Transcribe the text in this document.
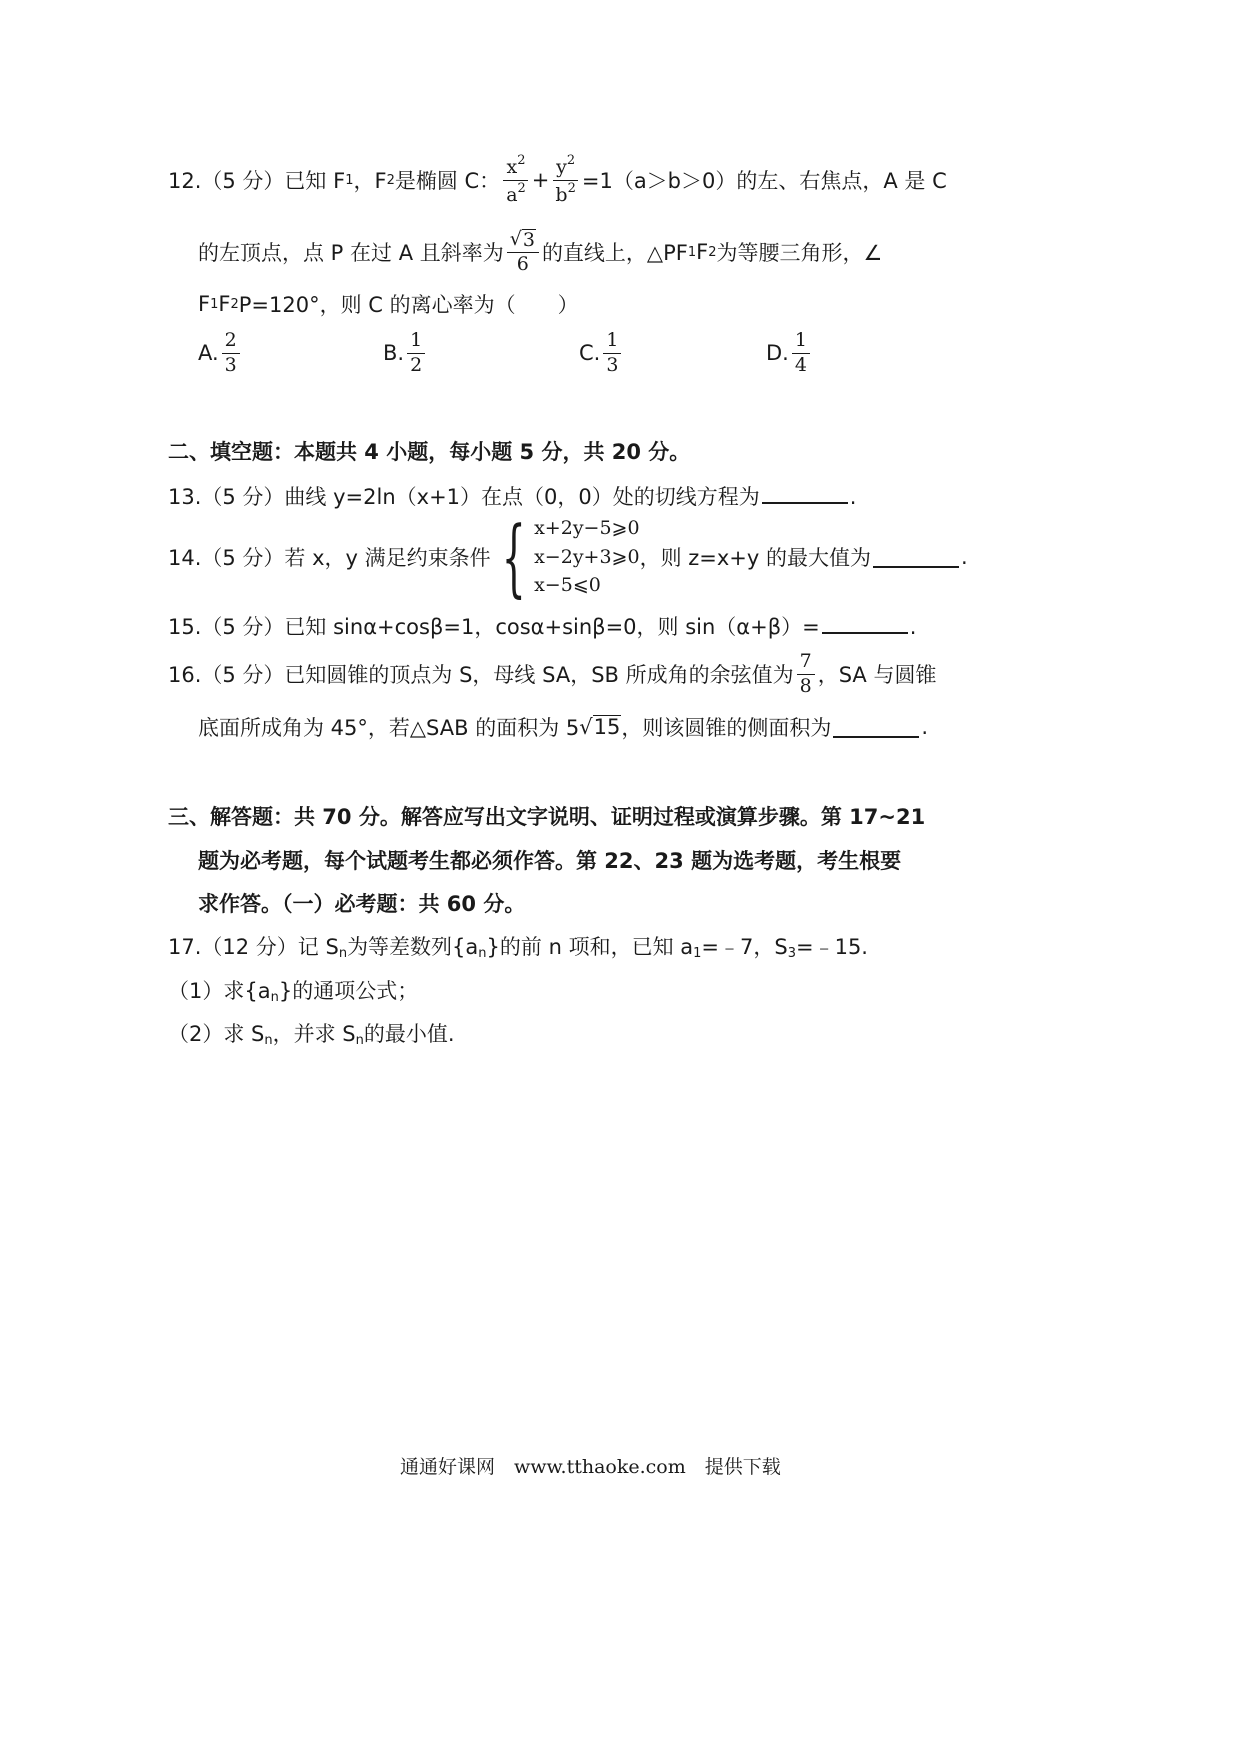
12.（5 分）已知 F 1 ，F 2 是椭圆 C： $\frac{x^2}{a^2} + \frac{y^2}{b^2} =1(a>b>0)$的左、右焦点，A 是 C
的左顶点，点 P 在过 A 且斜率为 $\frac{√ 3}{6}$ 的直线上，△PF 1 F 2 为等腰三角形，∠
F 1 F 2 P=120°，则 C 的离心率为（　　）
A. $\frac{2}{3}$	B. $\frac{1}{2}$	C. $\frac{1}{3}$	D. $\frac{1}{4}$
二、填空题：本题共 4 小题，每小题 5 分，共 20 分。
13.（5 分）曲线 y=2ln（x+1）在点（0，0）处的切线方程为	.
14.（5 分）若 x，y 满足约束条件 { x+2y−5⩾0
x−2y+3⩾0
x−5⩽0
，则 z=x+y 的最大值为	.
15.（5 分）已知 sinα+cosβ=1，cosα+sinβ=0，则 sin（α+β）=	.
16.（5 分）已知圆锥的顶点为 S，母线 SA，SB 所成角的余弦值为 $\frac{7}{8}$ ，SA 与圆锥
底面所成角为 45°，若△SAB 的面积为 5 √ 15 ，则该圆锥的侧面积为	.
三、解答题：共 70 分。解答应写出文字说明、证明过程或演算步骤。第 17~21
题为必考题，每个试题考生都必须作答。第 22、23 题为选考题，考生根要
求作答。（一）必考题：共 60 分。
17.（12 分）记 $S_n$为等差数列$\{a_n\}$的前 n 项和，已知 $a_1=﹣7$，$S_3=﹣15$.
（1）求$\{a_n\}$的通项公式；
（2）求 $S_n$，并求 $S_n$的最小值.
通通好课网　www.tthaoke.com　提供下载
